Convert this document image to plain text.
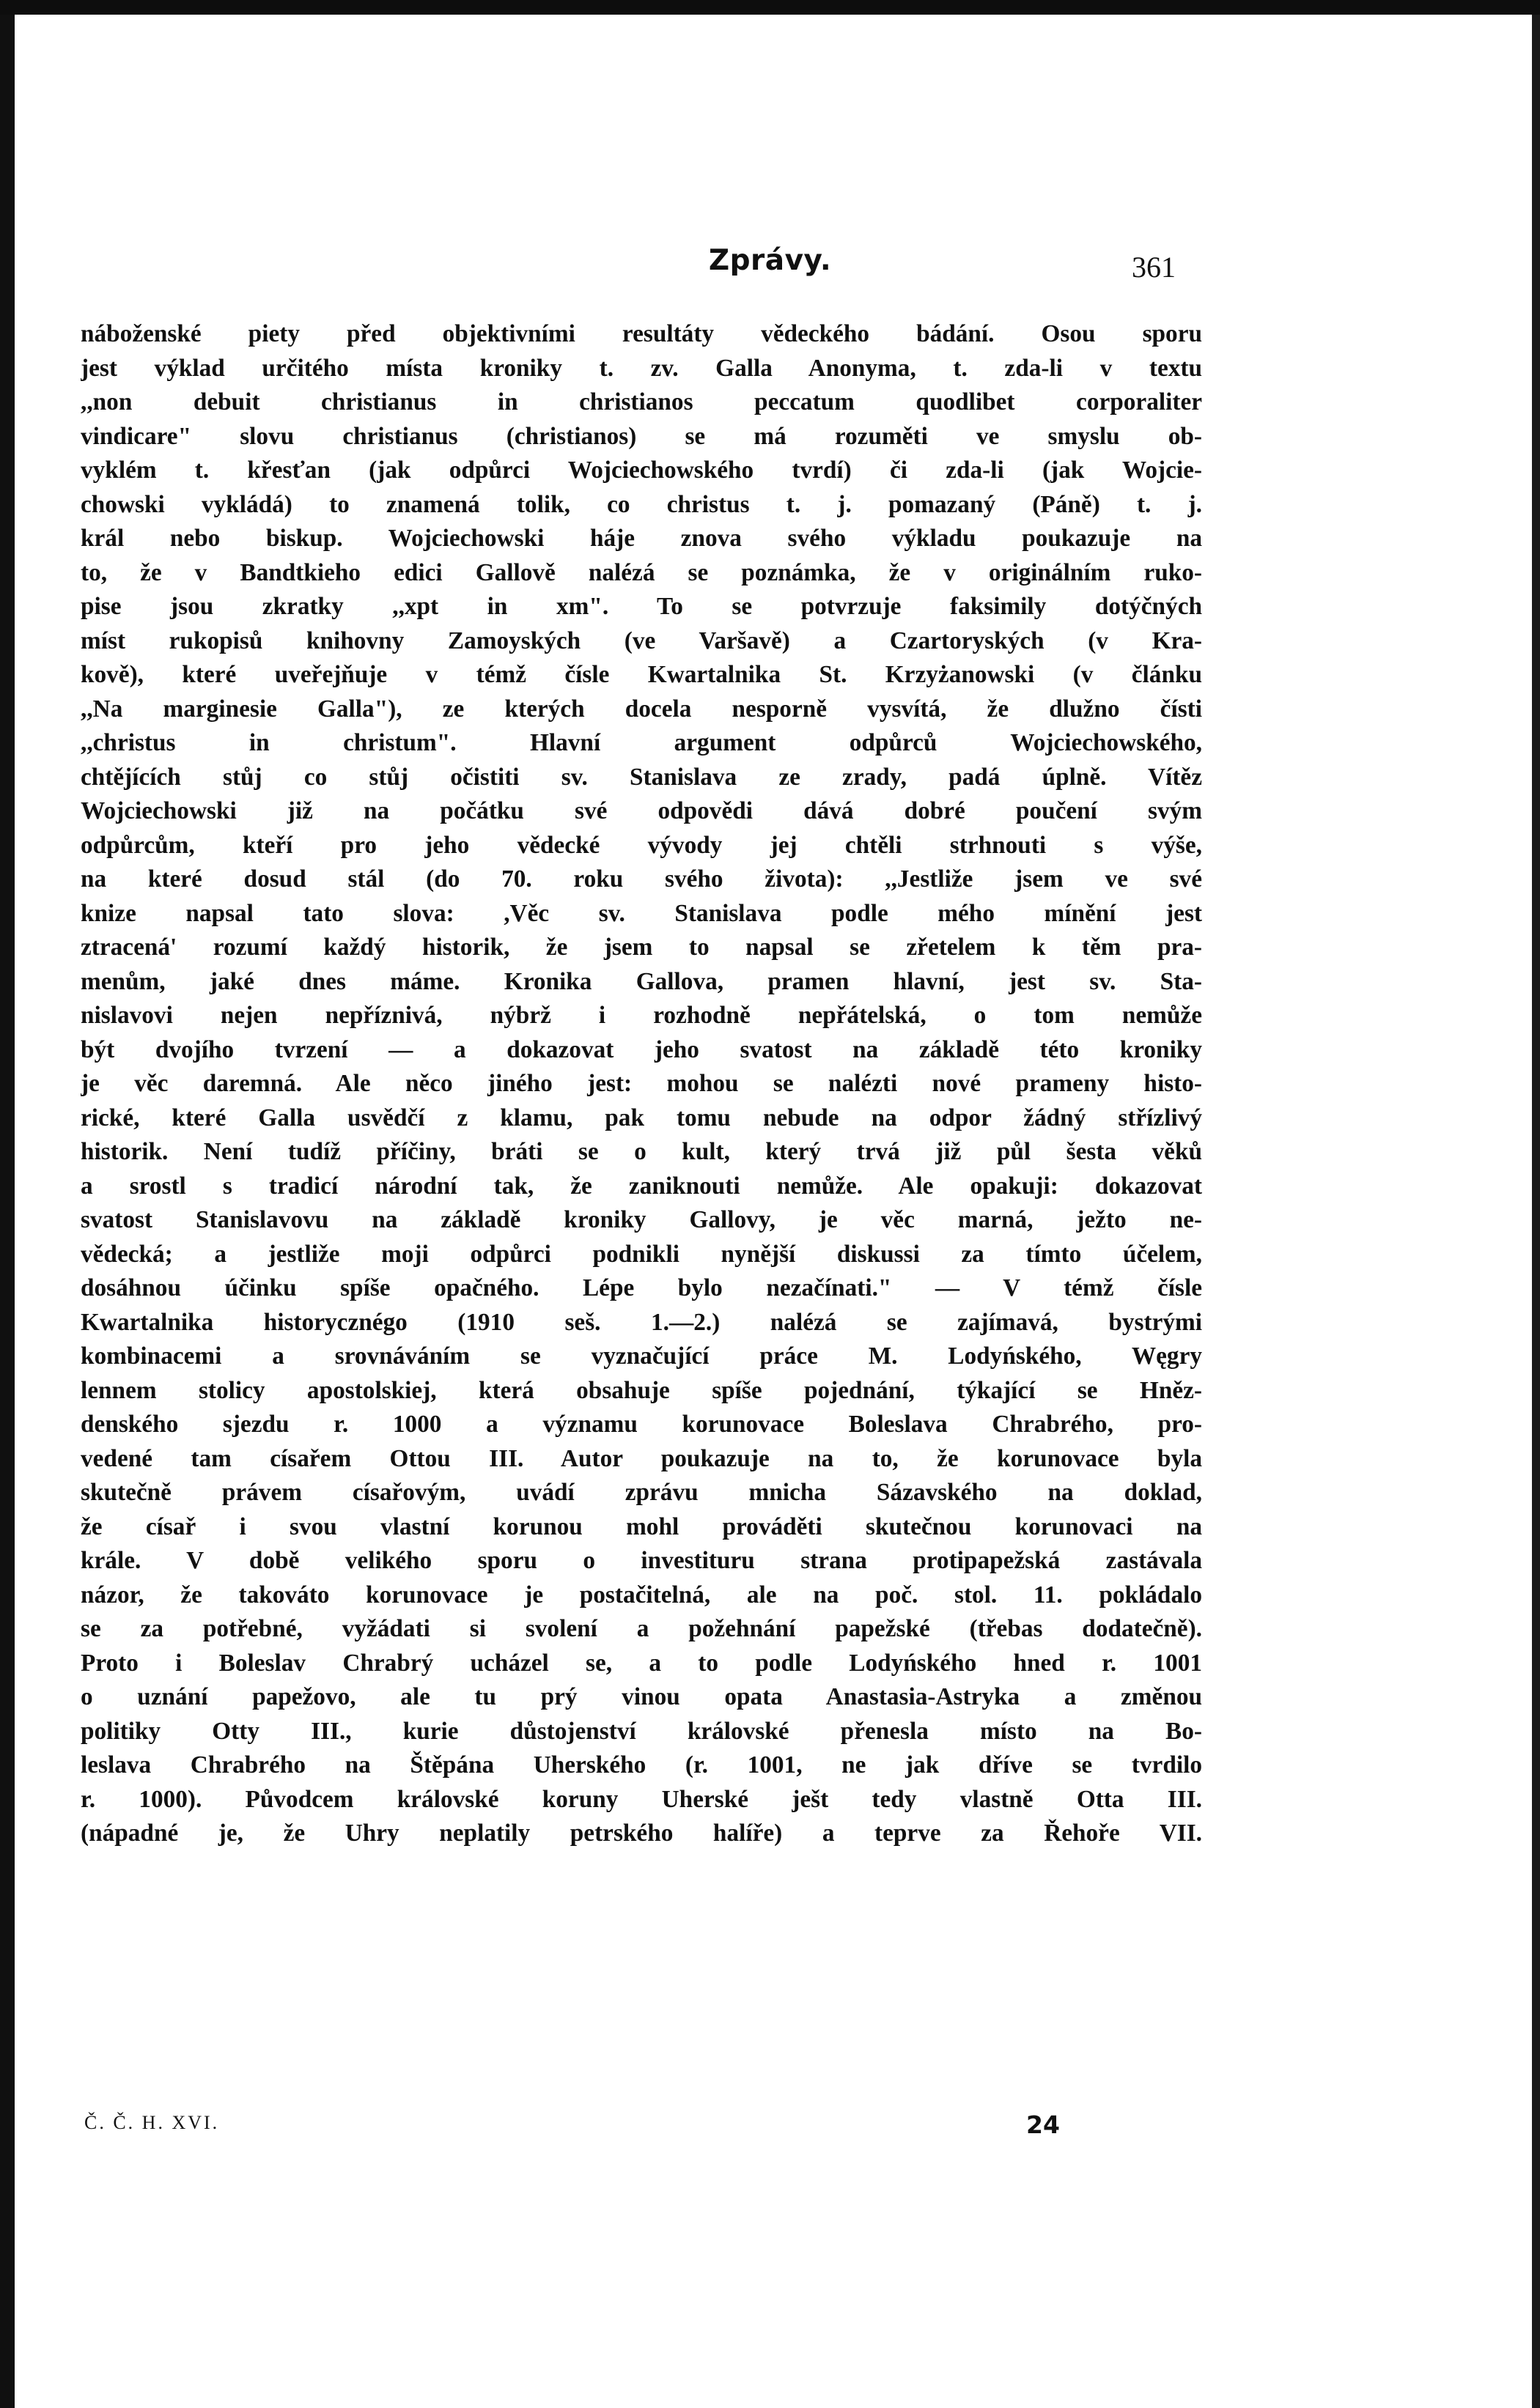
Zprávy.	361
náboženské piety před objektivními resultáty vědeckého bádání. Osou sporu
jest výklad určitého místa kroniky t. zv. Galla Anonyma, t. zda-li v textu
,,non debuit christianus in christianos peccatum quodlibet corporaliter
vindicare" slovu christianus (christianos) se má rozuměti ve smyslu ob-
vyklém t. křesťan (jak odpůrci Wojciechowského tvrdí) či zda-li (jak Wojcie-
chowski vykládá) to znamená tolik, co christus t. j. pomazaný (Páně) t. j.
král nebo biskup. Wojciechowski háje znova svého výkladu poukazuje na
to, že v Bandtkieho edici Gallově nalézá se poznámka, že v originálním ruko-
pise jsou zkratky ,,xpt in xm". To se potvrzuje faksimily dotýčných
míst rukopisů knihovny Zamoyských (ve Varšavě) a Czartoryských (v Kra-
kově), které uveřejňuje v témž čísle Kwartalnika St. Krzyżanowski (v článku
,,Na marginesie Galla"), ze kterých docela nesporně vysvítá, že dlužno čísti
,,christus in christum". Hlavní argument odpůrců Wojciechowského,
chtějících stůj co stůj očistiti sv. Stanislava ze zrady, padá úplně. Vítěz
Wojciechowski již na počátku své odpovědi dává dobré poučení svým
odpůrcům, kteří pro jeho vědecké vývody jej chtěli strhnouti s výše,
na které dosud stál (do 70. roku svého života): ,,Jestliže jsem ve své
knize napsal tato slova: ,Věc sv. Stanislava podle mého mínění jest
ztracená' rozumí každý historik, že jsem to napsal se zřetelem k těm pra-
menům, jaké dnes máme. Kronika Gallova, pramen hlavní, jest sv. Sta-
nislavovi nejen nepříznivá, nýbrž i rozhodně nepřátelská, o tom nemůže
být dvojího tvrzení — a dokazovat jeho svatost na základě této kroniky
je věc daremná. Ale něco jiného jest: mohou se nalézti nové prameny histo-
rické, které Galla usvědčí z klamu, pak tomu nebude na odpor žádný střízlivý
historik. Není tudíž příčiny, bráti se o kult, který trvá již půl šesta věků
a srostl s tradicí národní tak, že zaniknouti nemůže. Ale opakuji: dokazovat
svatost Stanislavovu na základě kroniky Gallovy, je věc marná, ježto ne-
vědecká; a jestliže moji odpůrci podnikli nynější diskussi za tímto účelem,
dosáhnou účinku spíše opačného. Lépe bylo nezačínati." — V témž čísle
Kwartalnika historycznégo (1910 seš. 1.—2.) nalézá se zajímavá, bystrými
kombinacemi a srovnáváním se vyznačující práce M. Lodyńského, Węgry
lennem stolicy apostolskiej, která obsahuje spíše pojednání, týkající se Hněz-
denského sjezdu r. 1000 a významu korunovace Boleslava Chrabrého, pro-
vedené tam císařem Ottou III. Autor poukazuje na to, že korunovace byla
skutečně právem císařovým, uvádí zprávu mnicha Sázavského na doklad,
že císař i svou vlastní korunou mohl prováděti skutečnou korunovaci na
krále. V době velikého sporu o investituru strana protipapežská zastávala
názor, že takováto korunovace je postačitelná, ale na poč. stol. 11. pokládalo
se za potřebné, vyžádati si svolení a požehnání papežské (třebas dodatečně).
Proto i Boleslav Chrabrý ucházel se, a to podle Lodyńského hned r. 1001
o uznání papežovo, ale tu prý vinou opata Anastasia-Astryka a změnou
politiky Otty III., kurie důstojenství královské přenesla místo na Bo-
leslava Chrabrého na Štěpána Uherského (r. 1001, ne jak dříve se tvrdilo
r. 1000). Původcem královské koruny Uherské ješt tedy vlastně Otta III.
(nápadné je, že Uhry neplatily petrského halíře) a teprve za Řehoře VII.
Č. Č. H. XVI.	24
